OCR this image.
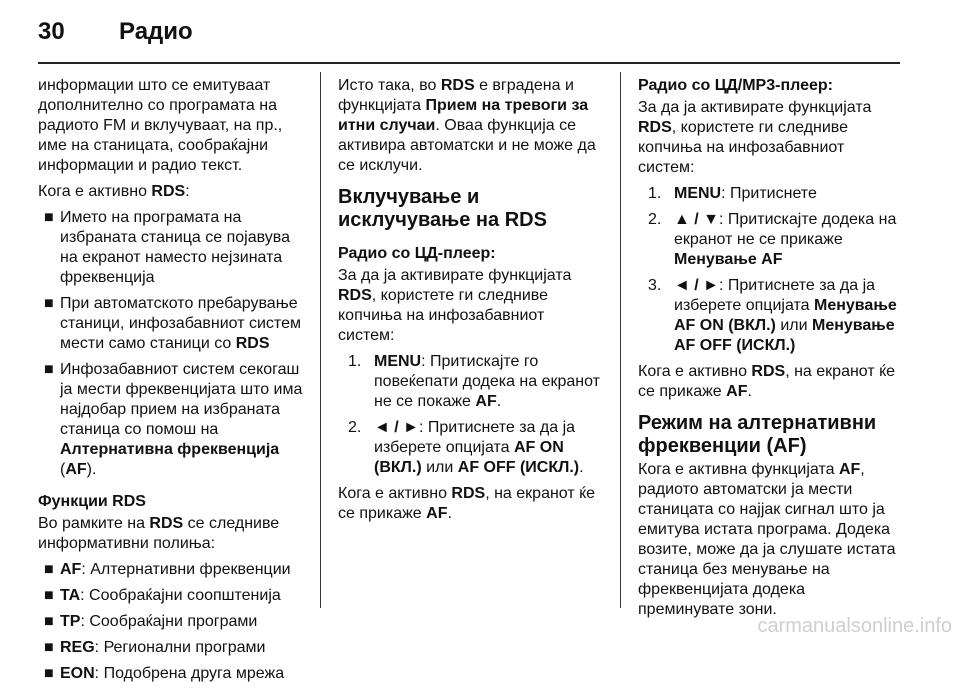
30 Радио

информации што се емитуваат дополнително со програмата на радиото FM и вклучуваат, на пр., име на станицата, сообраќајни информации и радио текст.

Кога е активно RDS:

■ Името на програмата на избраната станица се појавува на екранот наместо нејзината фреквенција
■ При автоматското пребарување станици, инфозабавниот систем мести само станици со RDS
■ Инфозабавниот систем секогаш ја мести фреквенцијата што има најдобар прием на избраната станица со помош на Алтернативна фреквенција (AF).
Функции RDS

Во рамките на RDS се следниве информативни полиња:

■ AF: Алтернативни фреквенции
■ TA: Сообраќајни соопштенија
■ TP: Сообраќајни програми
■ REG: Регионални програми
■ EON: Подобрена друга мрежа

Исто така, во RDS е вградена и функцијата Прием на тревоги за итни случаи. Оваа функција се активира автоматски и не може да се исклучи.

Вклучување и исклучување на RDS
Радио со ЦД-плеер:

За да ја активирате функцијата RDS, користете ги следниве копчиња на инфозабавниот систем:

1. MENU: Притискајте го повеќепати додека на екранот не се покаже AF.
2. ◄ / ►: Притиснете за да ја изберете опцијата AF ON (ВКЛ.) или AF OFF (ИСКЛ.).

Кога е активно RDS, на екранот ќе се прикаже AF.

Радио со ЦД/MP3-плеер:

За да ја активирате функцијата RDS, користете ги следниве копчиња на инфозабавниот систем:

1. MENU: Притиснете
2. ▲ / ▼: Притискајте додека на екранот не се прикаже Менување AF
3. ◄ / ►: Притиснете за да ја изберете опцијата Менување AF ON (ВКЛ.) или Менување AF OFF (ИСКЛ.)

Кога е активно RDS, на екранот ќе се прикаже AF.

Режим на алтернативни фреквенции (AF)

Кога е активна функцијата AF, радиото автоматски ја мести станицата со најјак сигнал што ја емитува истата програма. Додека возите, може да ја слушате истата станица без менување на фреквенцијата додека преминувате зони.

carmanualsonline.info
